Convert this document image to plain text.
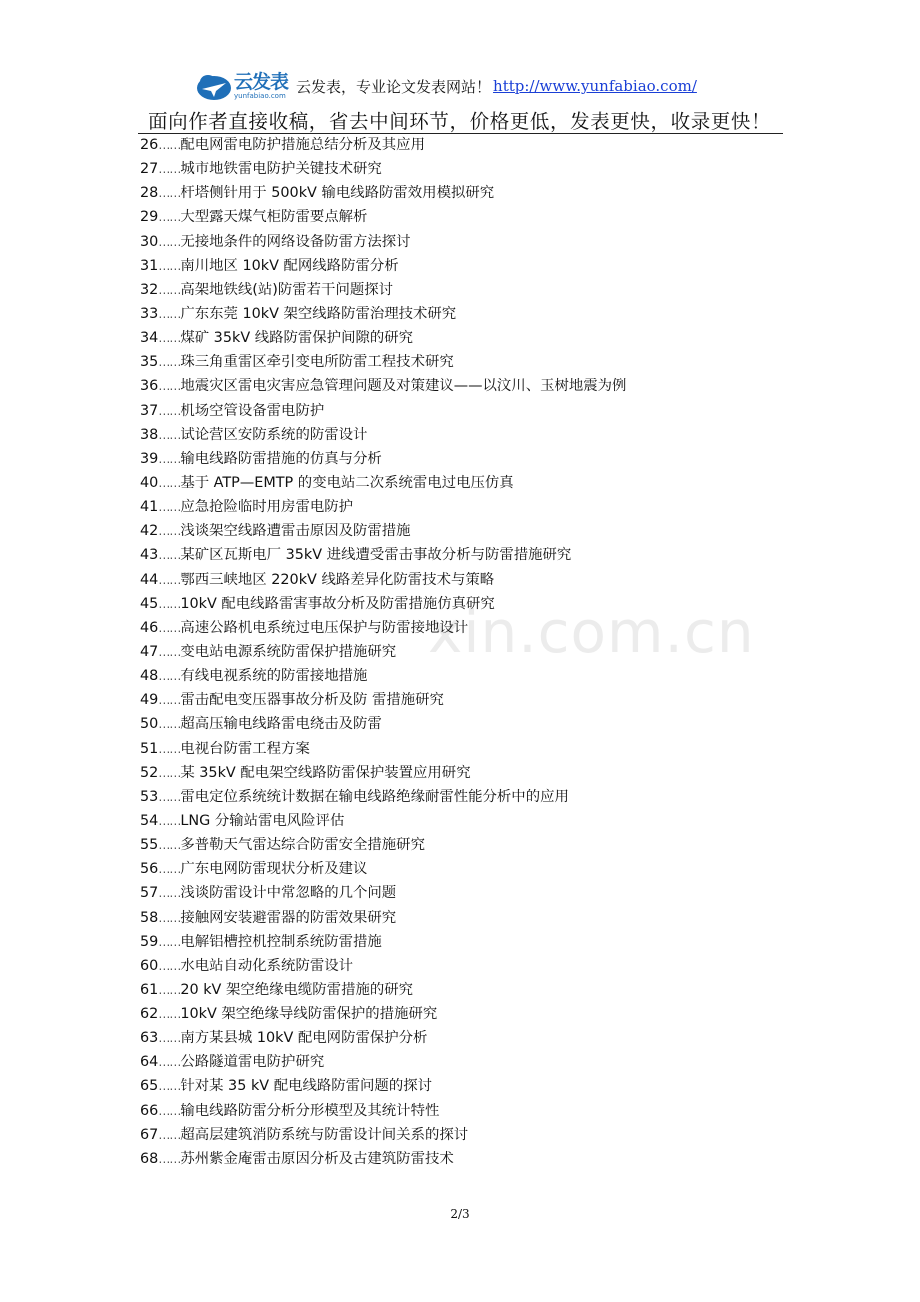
云发表
yunfabiao.com
云发表，专业论文发表网站！ http://www.yunfabiao.com/
面向作者直接收稿，省去中间环节，价格更低，发表更快，收录更快！
xin.com.cn
26……配电网雷电防护措施总结分析及其应用
27……城市地铁雷电防护关键技术研究
28……杆塔侧针用于 500kV 输电线路防雷效用模拟研究
29……大型露天煤气柜防雷要点解析
30……无接地条件的网络设备防雷方法探讨
31……南川地区 10kV 配网线路防雷分析
32……高架地铁线(站)防雷若干问题探讨
33……广东东莞 10kV 架空线路防雷治理技术研究
34……煤矿 35kV 线路防雷保护间隙的研究
35……珠三角重雷区牵引变电所防雷工程技术研究
36……地震灾区雷电灾害应急管理问题及对策建议——以汶川、玉树地震为例
37……机场空管设备雷电防护
38……试论营区安防系统的防雷设计
39……输电线路防雷措施的仿真与分析
40……基于 ATP—EMTP 的变电站二次系统雷电过电压仿真
41……应急抢险临时用房雷电防护
42……浅谈架空线路遭雷击原因及防雷措施
43……某矿区瓦斯电厂 35kV 进线遭受雷击事故分析与防雷措施研究
44……鄂西三峡地区 220kV 线路差异化防雷技术与策略
45……10kV 配电线路雷害事故分析及防雷措施仿真研究
46……高速公路机电系统过电压保护与防雷接地设计
47……变电站电源系统防雷保护措施研究
48……有线电视系统的防雷接地措施
49……雷击配电变压器事故分析及防 雷措施研究
50……超高压输电线路雷电绕击及防雷
51……电视台防雷工程方案
52……某 35kV 配电架空线路防雷保护装置应用研究
53……雷电定位系统统计数据在输电线路绝缘耐雷性能分析中的应用
54……LNG 分输站雷电风险评估
55……多普勒天气雷达综合防雷安全措施研究
56……广东电网防雷现状分析及建议
57……浅谈防雷设计中常忽略的几个问题
58……接触网安装避雷器的防雷效果研究
59……电解铝槽控机控制系统防雷措施
60……水电站自动化系统防雷设计
61……20 kV 架空绝缘电缆防雷措施的研究
62……10kV 架空绝缘导线防雷保护的措施研究
63……南方某县城 10kV 配电网防雷保护分析
64……公路隧道雷电防护研究
65……针对某 35 kV 配电线路防雷问题的探讨
66……输电线路防雷分析分形模型及其统计特性
67……超高层建筑消防系统与防雷设计间关系的探讨
68……苏州紫金庵雷击原因分析及古建筑防雷技术
2/3
